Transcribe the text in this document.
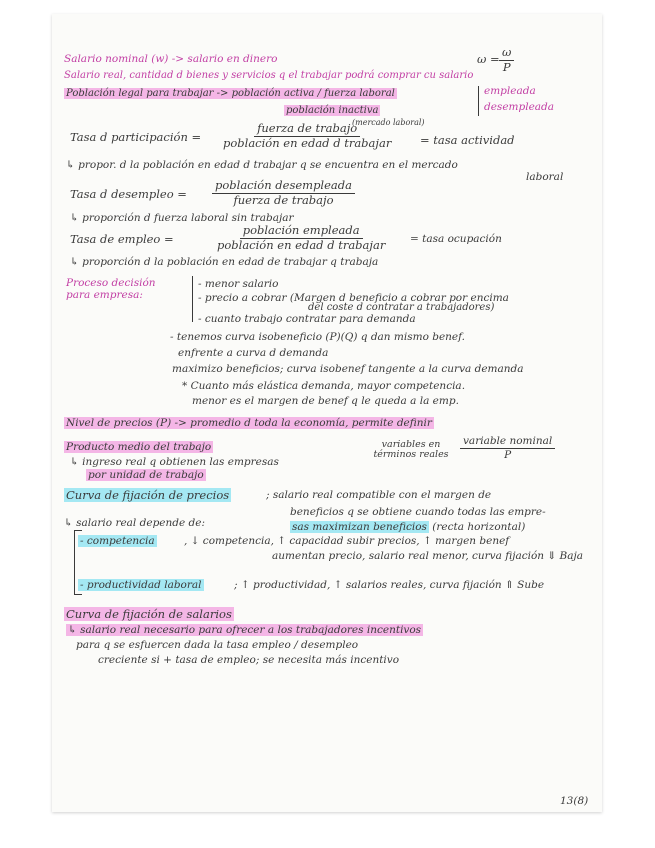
Salario nominal (w) -> salario en dinero	$\omega = \frac{\omega}{P}$
Salario real, cantidad d bienes y servicios q el trabajar podrá comprar cu salario
Población legal para trabajar -> población activa / fuerza laboral	empleada
desempleada
población inactiva
Tasa d participación =
fuerza de trabajo
población en edad d trabajar
(mercado laboral)
= tasa actividad
↳ propor. d la población en edad d trabajar q se encuentra en el mercado
laboral
Tasa d desempleo =
población desempleada
fuerza de trabajo
↳ proporción d fuerza laboral sin trabajar
Tasa de empleo =
población empleada
población en edad d trabajar = tasa ocupación
↳ proporción d la población en edad de trabajar q trabaja
Proceso decisión
para empresa:
- menor salario
- precio a cobrar (Margen d beneficio a cobrar por encima
del coste d contratar a trabajadores)
- cuanto trabajo contratar para demanda
- tenemos curva isobeneficio (P)(Q) q dan mismo benef.
enfrente a curva d demanda
maximizo beneficios; curva isobenef tangente a la curva demanda
* Cuanto más elástica demanda, mayor competencia.
menor es el margen de benef q le queda a la emp.
Nivel de precios (P) -> promedio d toda la economía, permite definir
Producto medio del trabajo
↳ ingreso real q obtienen las empresas
por unidad de trabajo
variables en términos reales
variable nominal
P
Curva de fijación de precios	; salario real compatible con el margen de
beneficios q se obtiene cuando todas las empre-
sas maximizan beneficios (recta horizontal)
↳ salario real depende de:
- competencia	, ↓ competencia, ↑ capacidad subir precios, ↑ margen benef
aumentan precio, salario real menor, curva fijación ⇓ Baja
- productividad laboral	; ↑ productividad, ↑ salarios reales, curva fijación ⇑ Sube
Curva de fijación de salarios
↳ salario real necesario para ofrecer a los trabajadores incentivos
para q se esfuercen dada la tasa empleo / desempleo
creciente si + tasa de empleo; se necesita más incentivo
13(8)
